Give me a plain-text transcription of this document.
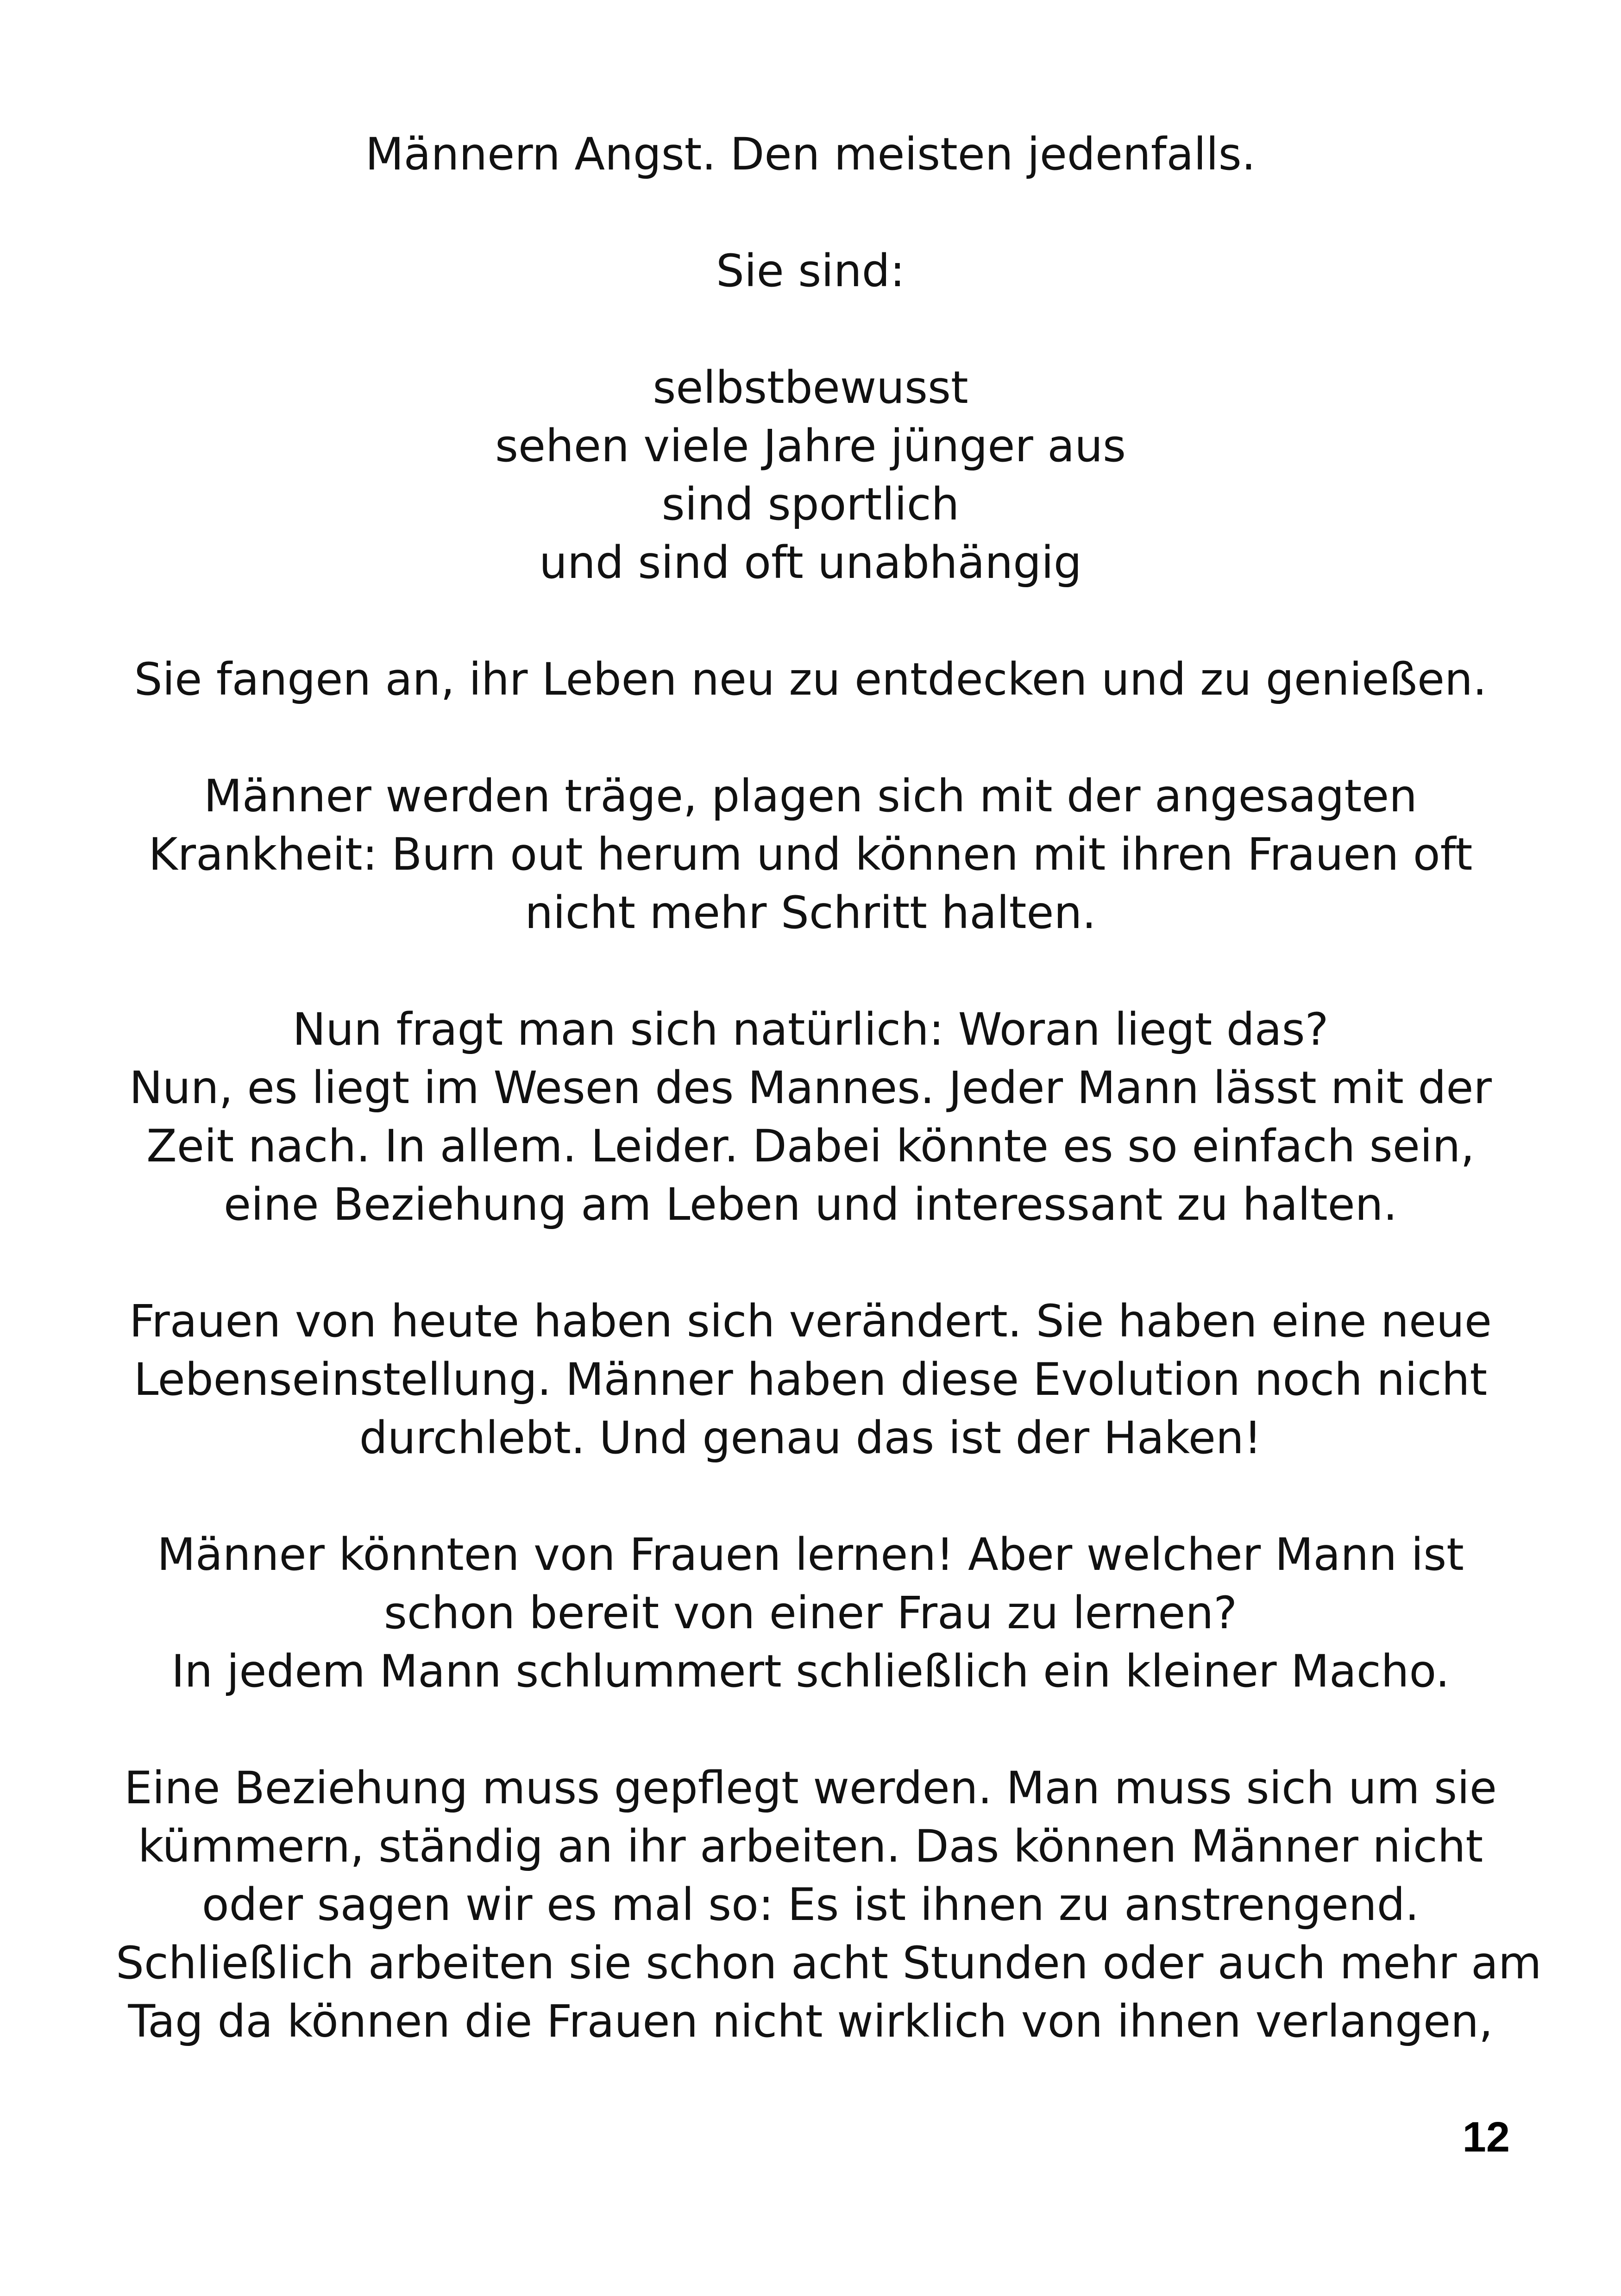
Männern Angst. Den meisten jedenfalls.

Sie sind:

selbstbewusst
sehen viele Jahre jünger aus
sind sportlich
und sind oft unabhängig

Sie fangen an, ihr Leben neu zu entdecken und zu genießen.

Männer werden träge, plagen sich mit der angesagten
Krankheit: Burn out herum und können mit ihren Frauen oft
nicht mehr Schritt halten.

Nun fragt man sich natürlich: Woran liegt das?
Nun, es liegt im Wesen des Mannes. Jeder Mann lässt mit der
Zeit nach. In allem. Leider. Dabei könnte es so einfach sein,
eine Beziehung am Leben und interessant zu halten.

Frauen von heute haben sich verändert. Sie haben eine neue
Lebenseinstellung. Männer haben diese Evolution noch nicht
durchlebt. Und genau das ist der Haken!

Männer könnten von Frauen lernen! Aber welcher Mann ist
schon bereit von einer Frau zu lernen?
In jedem Mann schlummert schließlich ein kleiner Macho.

Eine Beziehung muss gepflegt werden. Man muss sich um sie
kümmern, ständig an ihr arbeiten. Das können Männer nicht
oder sagen wir es mal so: Es ist ihnen zu anstrengend.
Schließlich arbeiten sie schon acht Stunden oder auch mehr am
Tag da können die Frauen nicht wirklich von ihnen verlangen,

12
